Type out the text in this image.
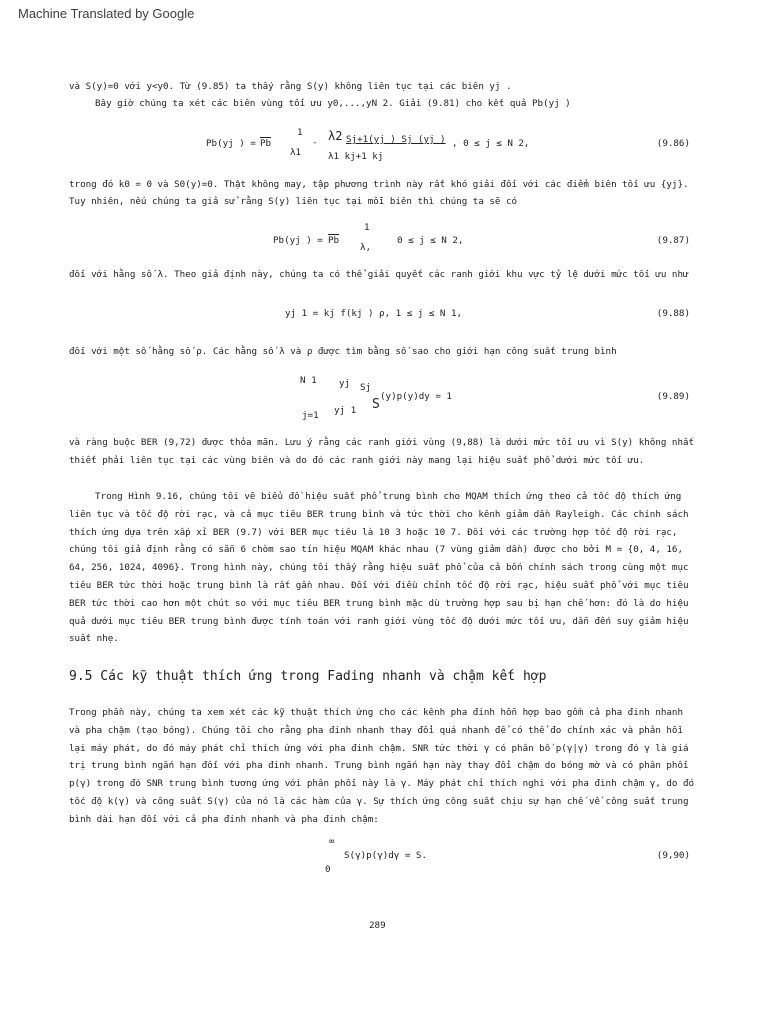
Machine Translated by Google
và S(y)=0 với y<y0. Từ (9.85) ta thấy rằng S(y) không liên tục tại các biên yj .
Bây giờ chúng ta xét các biên vùng tối ưu y0,...,yN 2. Giải (9.81) cho kết quả Pb(yj )
Pb(yj ) = $\overline{Pb}$
1
λ1
- λ2 Sj+1(yj ) Sj (yj )
λ1 kj+1 kj
, 0 ≤ j ≤ N 2,	(9.86)
trong đó k0 = 0 và S0(y)=0. Thật không may, tập phương trình này rất khó giải đối với các điểm biên tối ưu {yj}.
Tuy nhiên, nếu chúng ta giả sử rằng S(y) liên tục tại mỗi biên thì chúng ta sẽ có
Pb(yj ) = $\overline{Pb}$
1
λ,
0 ≤ j ≤ N 2,	(9.87)
đối với hằng số λ. Theo giả định này, chúng ta có thể giải quyết các ranh giới khu vực tỷ lệ dưới mức tối ưu như
yj 1 = kj f(kj ) ρ, 1 ≤ j ≤ N 1,	(9.88)
đối với một số hằng số ρ. Các hằng số λ và ρ được tìm bằng số sao cho giới hạn công suất trung bình
N 1 yj Sj
S
(y)p(y)dy = 1
j=1 yj 1
(9.89)
và ràng buộc BER (9,72) được thỏa mãn. Lưu ý rằng các ranh giới vùng (9,88) là dưới mức tối ưu vì S(y) không nhất
thiết phải liên tục tại các vùng biên và do đó các ranh giới này mang lại hiệu suất phổ dưới mức tối ưu.
Trong Hình 9.16, chúng tôi vẽ biểu đồ hiệu suất phổ trung bình cho MQAM thích ứng theo cả tốc độ thích ứng
liên tục và tốc độ rời rạc, và cả mục tiêu BER trung bình và tức thời cho kênh giảm dần Rayleigh. Các chính sách
thích ứng dựa trên xấp xỉ BER (9.7) với BER mục tiêu là 10 3 hoặc 10 7. Đối với các trường hợp tốc độ rời rạc,
chúng tôi giả định rằng có sẵn 6 chòm sao tín hiệu MQAM khác nhau (7 vùng giảm dần) được cho bởi M = {0, 4, 16,
64, 256, 1024, 4096}. Trong hình này, chúng tôi thấy rằng hiệu suất phổ của cả bốn chính sách trong cùng một mục
tiêu BER tức thời hoặc trung bình là rất gần nhau. Đối với điều chỉnh tốc độ rời rạc, hiệu suất phổ với mục tiêu
BER tức thời cao hơn một chút so với mục tiêu BER trung bình mặc dù trường hợp sau bị hạn chế hơn: đó là do hiệu
quả dưới mục tiêu BER trung bình được tính toán với ranh giới vùng tốc độ dưới mức tối ưu, dẫn đến suy giảm hiệu
suất nhẹ.
9.5 Các kỹ thuật thích ứng trong Fading nhanh và chậm kết hợp
Trong phần này, chúng ta xem xét các kỹ thuật thích ứng cho các kênh pha đinh hỗn hợp bao gồm cả pha đinh nhanh
và pha chậm (tạo bóng). Chúng tôi cho rằng pha đinh nhanh thay đổi quá nhanh để có thể đo chính xác và phản hồi
lại máy phát, do đó máy phát chỉ thích ứng với pha đinh chậm. SNR tức thời γ có phân bố p(γ|γ) trong đó γ là giá
trị trung bình ngắn hạn đối với pha đinh nhanh. Trung bình ngắn hạn này thay đổi chậm do bóng mờ và có phân phối
p(γ) trong đó SNR trung bình tương ứng với phân phối này là γ. Máy phát chỉ thích nghi với pha đinh chậm γ, do đó
tốc độ k(γ) và công suất S(γ) của nó là các hàm của γ. Sự thích ứng công suất chịu sự hạn chế về công suất trung
bình dài hạn đối với cả pha đinh nhanh và pha đinh chậm:
∞
S(γ)p(γ)dγ = S.
0
(9,90)
289
